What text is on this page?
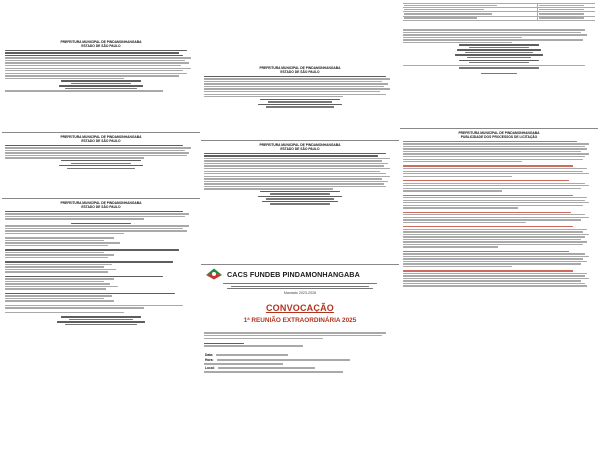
PREFEITURA MUNICIPAL DE PINDAMONHANGABA
ESTADO DE SÃO PAULO
PREFEITURA MUNICIPAL DE PINDAMONHANGABA
ESTADO DE SÃO PAULO
PREFEITURA MUNICIPAL DE PINDAMONHANGABA
ESTADO DE SÃO PAULO
PREFEITURA MUNICIPAL DE PINDAMONHANGABA
ESTADO DE SÃO PAULO
PREFEITURA MUNICIPAL DE PINDAMONHANGABA
ESTADO DE SÃO PAULO
CACS FUNDEB PINDAMONHANGABA
Mandato 2023-2026
CONVOCAÇÃO
1ª REUNIÃO EXTRAORDINÁRIA 2025
Data:
Hora:
Local:
PREFEITURA MUNICIPAL DE PINDAMONHANGABA
PUBLICIDADE DOS PROCESSOS DE LICITAÇÃO
